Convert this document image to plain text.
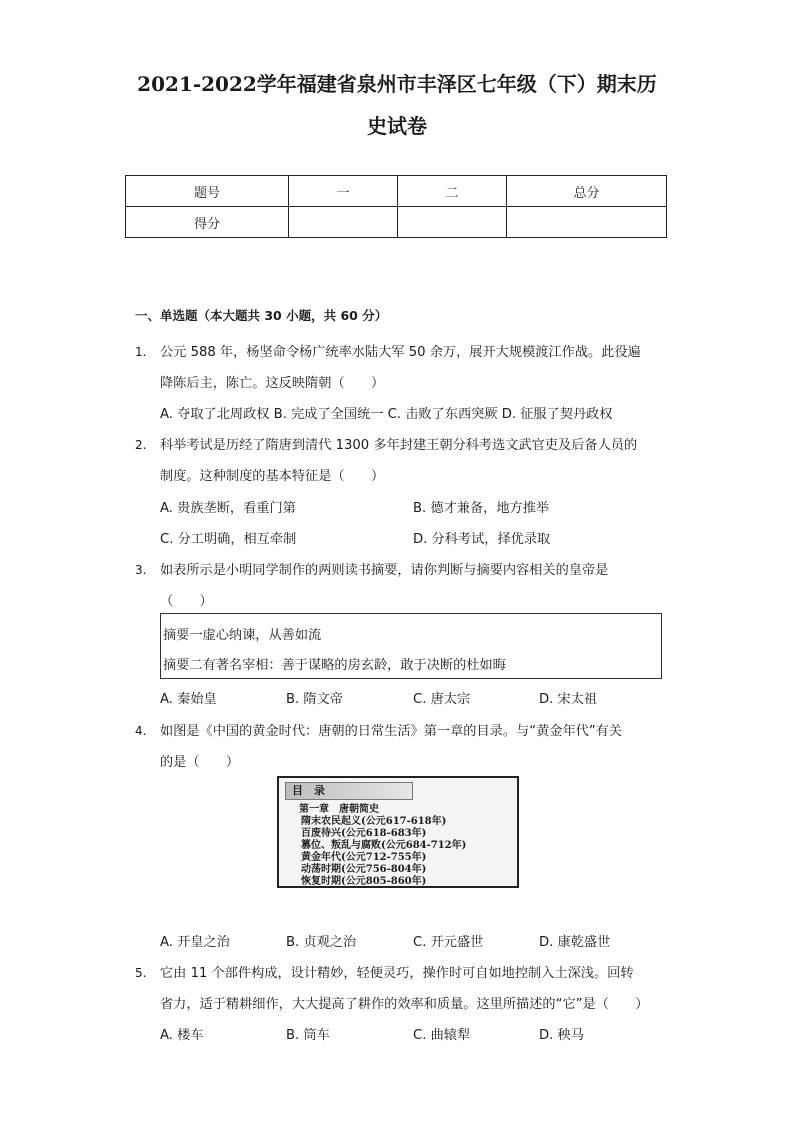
2021-2022学年福建省泉州市丰泽区七年级（下）期末历
史试卷
题号	一	二	总分
得分			
一、单选题（本大题共 30 小题，共 60 分）
1. 公元 588 年，杨坚命令杨广统率水陆大军 50 余万，展开大规模渡江作战。此役遍
降陈后主，陈亡。这反映隋朝（　　）
A. 夺取了北周政权 B. 完成了全国统一 C. 击败了东西突厥 D. 征服了契丹政权
2. 科举考试是历经了隋唐到清代 1300 多年封建王朝分科考选文武官吏及后备人员的
制度。这种制度的基本特征是（　　）
A. 贵族垄断，看重门第	B. 德才兼备，地方推举
C. 分工明确，相互牵制	D. 分科考试，择优录取
3. 如表所示是小明同学制作的两则读书摘要，请你判断与摘要内容相关的皇帝是
（　　）
摘要一虚心纳谏，从善如流
摘要二有著名宰相：善于谋略的房玄龄，敢于决断的杜如晦
A. 秦始皇	B. 隋文帝	C. 唐太宗	D. 宋太祖
4. 如图是《中国的黄金时代：唐朝的日常生活》第一章的目录。与“黄金年代”有关
的是（　　）
目　录
第一章　唐朝简史
隋末农民起义(公元617-618年)
百废待兴(公元618-683年)
篡位、叛乱与腐败(公元684-712年)
黄金年代(公元712-755年)
动荡时期(公元756-804年)
恢复时期(公元805-860年)
A. 开皇之治	B. 贞观之治	C. 开元盛世	D. 康乾盛世
5. 它由 11 个部件构成，设计精妙，轻便灵巧，操作时可自如地控制入土深浅。回转
省力，适于精耕细作，大大提高了耕作的效率和质量。这里所描述的“它”是（　　）
A. 楼车	B. 筒车	C. 曲辕犁	D. 秧马
